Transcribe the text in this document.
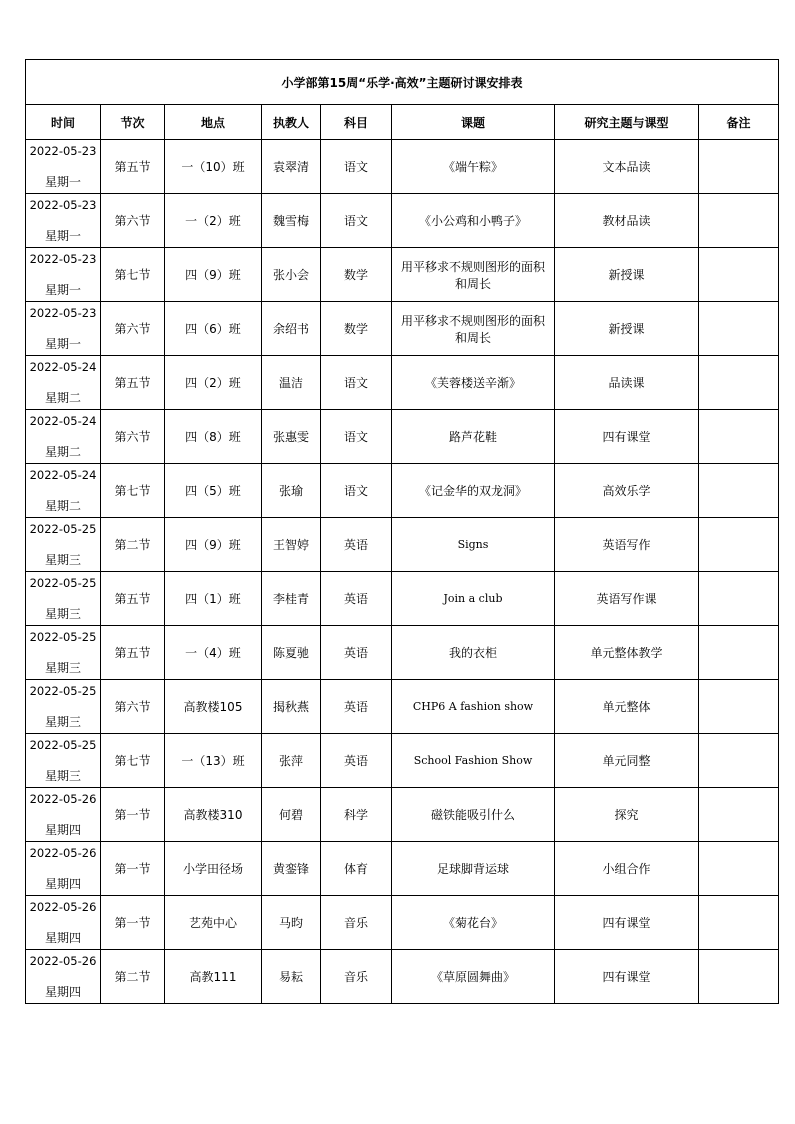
小学部第15周“乐学·高效”主题研讨课安排表							
时间	节次	地点	执教人	科目	课题	研究主题与课型	备注

2022-05-23
星期一	第五节	一（10）班	袁翠清	语文	《端午粽》	文本品读	

2022-05-23
星期一	第六节	一（2）班	魏雪梅	语文	《小公鸡和小鸭子》	教材品读	

2022-05-23
星期一	第七节	四（9）班	张小会	数学	用平移求不规则图形的面积和周长	新授课	

2022-05-23
星期一	第六节	四（6）班	余绍书	数学	用平移求不规则图形的面积和周长	新授课	

2022-05-24
星期二	第五节	四（2）班	温洁	语文	《芙蓉楼送辛渐》	品读课	

2022-05-24
星期二	第六节	四（8）班	张惠雯	语文	路芦花鞋	四有课堂	

2022-05-24
星期二	第七节	四（5）班	张瑜	语文	《记金华的双龙洞》	高效乐学	

2022-05-25
星期三	第二节	四（9）班	王智婷	英语	Signs	英语写作	

2022-05-25
星期三	第五节	四（1）班	李桂青	英语	Join a club	英语写作课	

2022-05-25
星期三	第五节	一（4）班	陈夏驰	英语	我的衣柜	单元整体教学	

2022-05-25
星期三	第六节	高教楼105	揭秋燕	英语	CHP6 A fashion show	单元整体	

2022-05-25
星期三	第七节	一（13）班	张萍	英语	School Fashion Show	单元同整	

2022-05-26
星期四	第一节	高教楼310	何碧	科学	磁铁能吸引什么	探究	

2022-05-26
星期四	第一节	小学田径场	黄銮锋	体育	足球脚背运球	小组合作	

2022-05-26
星期四	第一节	艺苑中心	马昀	音乐	《菊花台》	四有课堂	

2022-05-26
星期四	第二节	高教111	易耘	音乐	《草原圆舞曲》	四有课堂	
